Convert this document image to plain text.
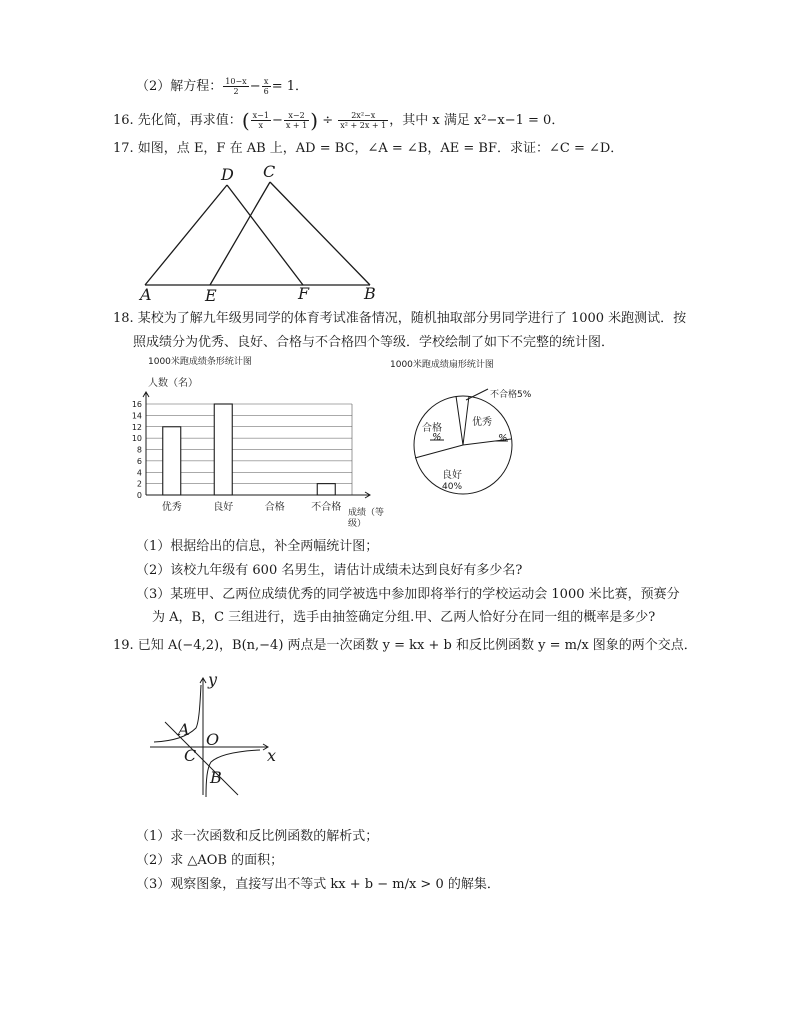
（2）解方程： $\frac{10-x}{2} - \frac{x}{6} = 1$．
16. 先化简，再求值：( $\frac{x-1}{x} - \frac{x-2}{x + 1}$ ) ÷ $\frac{\text{2x²−x}}{\text{x² + 2x + 1}}$ ，其中 x 满足 x²−x−1 = 0．
17. 如图，点 E，F 在 AB 上，AD = BC，∠A = ∠B，AE = BF．求证：∠C = ∠D．
D C
A	E	F	B
18. 某校为了解九年级男同学的体育考试准备情况，随机抽取部分男同学进行了 1000 米跑测试．按
照成绩分为优秀、良好、合格与不合格四个等级．学校绘制了如下不完整的统计图．
1000米跑成绩条形统计图
人数（名）
0
2
4
6
8
10
12
14
16
优秀	良好	合格	不合格 成绩（等
级）
1000米跑成绩扇形统计图
不合格5%
优秀
%
合格
%
良好
40%
（1）根据给出的信息，补全两幅统计图；
（2）该校九年级有 600 名男生，请估计成绩未达到良好有多少名?
（3）某班甲、乙两位成绩优秀的同学被选中参加即将举行的学校运动会 1000 米比赛，预赛分
为 A，B，C 三组进行，选手由抽签确定分组.甲、乙两人恰好分在同一组的概率是多少?
19. 已知 A(−4,2)，B(n,−4) 两点是一次函数 y = kx + b 和反比例函数 y = m/x 图象的两个交点．
y
x
O
A
C
B
（1）求一次函数和反比例函数的解析式；
（2）求 △AOB 的面积；
（3）观察图象，直接写出不等式 kx + b − m/x > 0 的解集．
